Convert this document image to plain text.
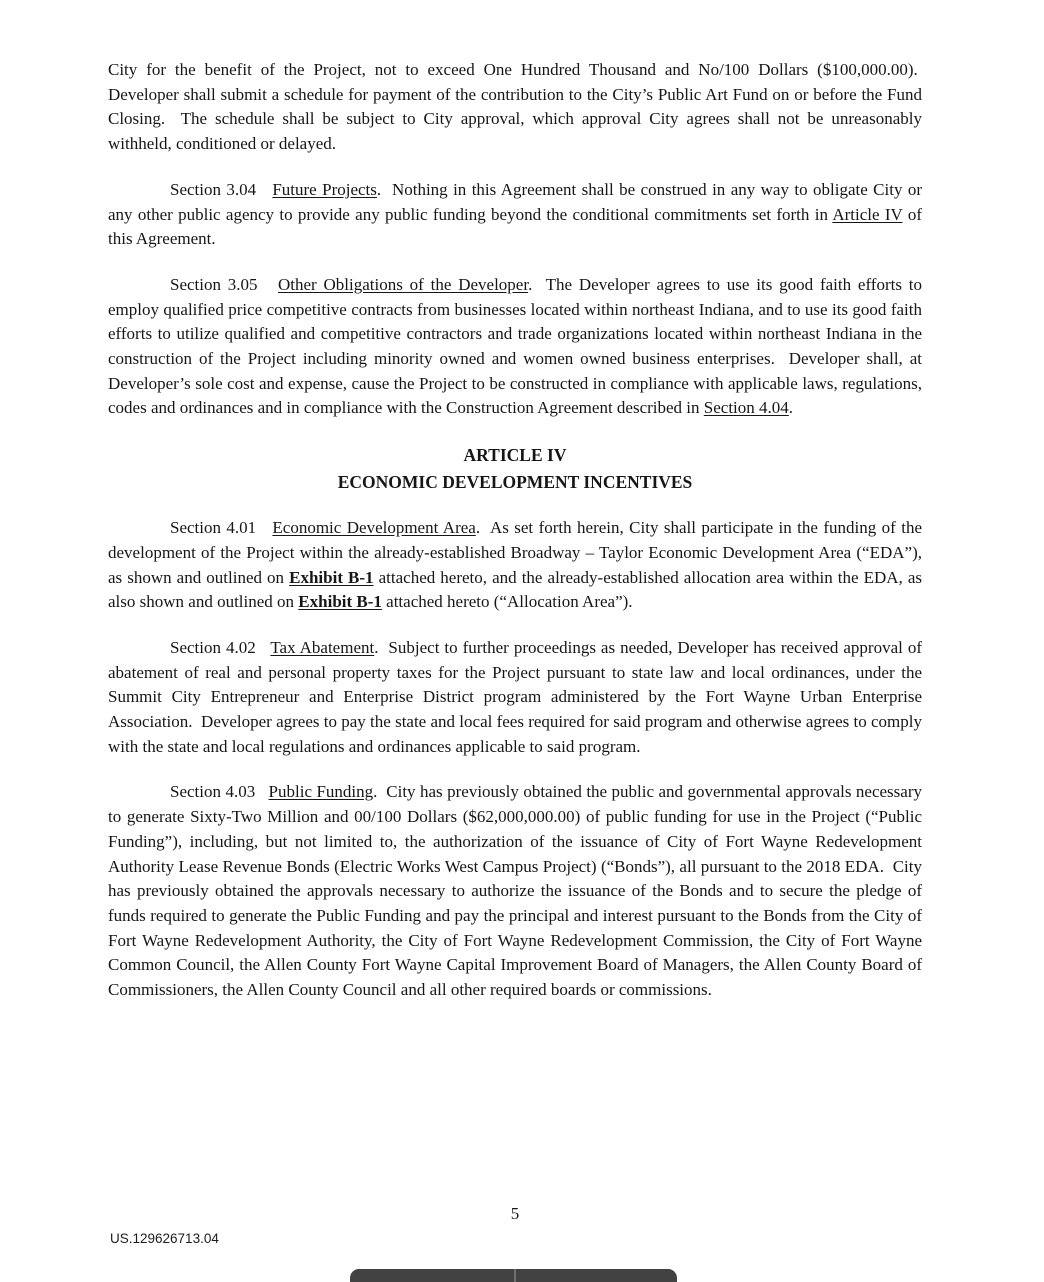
City for the benefit of the Project, not to exceed One Hundred Thousand and No/100 Dollars ($100,000.00).  Developer shall submit a schedule for payment of the contribution to the City’s Public Art Fund on or before the Fund Closing.  The schedule shall be subject to City approval, which approval City agrees shall not be unreasonably withheld, conditioned or delayed.

Section 3.04   Future Projects.  Nothing in this Agreement shall be construed in any way to obligate City or any other public agency to provide any public funding beyond the conditional commitments set forth in Article IV of this Agreement.

Section 3.05   Other Obligations of the Developer.  The Developer agrees to use its good faith efforts to employ qualified price competitive contracts from businesses located within northeast Indiana, and to use its good faith efforts to utilize qualified and competitive contractors and trade organizations located within northeast Indiana in the construction of the Project including minority owned and women owned business enterprises.  Developer shall, at Developer’s sole cost and expense, cause the Project to be constructed in compliance with applicable laws, regulations, codes and ordinances and in compliance with the Construction Agreement described in Section 4.04.

ARTICLE IV
ECONOMIC DEVELOPMENT INCENTIVES

Section 4.01   Economic Development Area.  As set forth herein, City shall participate in the funding of the development of the Project within the already-established Broadway – Taylor Economic Development Area (“EDA”), as shown and outlined on Exhibit B-1 attached hereto, and the already-established allocation area within the EDA, as also shown and outlined on Exhibit B-1 attached hereto (“Allocation Area”).

Section 4.02   Tax Abatement.  Subject to further proceedings as needed, Developer has received approval of abatement of real and personal property taxes for the Project pursuant to state law and local ordinances, under the Summit City Entrepreneur and Enterprise District program administered by the Fort Wayne Urban Enterprise Association.  Developer agrees to pay the state and local fees required for said program and otherwise agrees to comply with the state and local regulations and ordinances applicable to said program.

Section 4.03   Public Funding.  City has previously obtained the public and governmental approvals necessary to generate Sixty-Two Million and 00/100 Dollars ($62,000,000.00) of public funding for use in the Project (“Public Funding”), including, but not limited to, the authorization of the issuance of City of Fort Wayne Redevelopment Authority Lease Revenue Bonds (Electric Works West Campus Project) (“Bonds”), all pursuant to the 2018 EDA.  City has previously obtained the approvals necessary to authorize the issuance of the Bonds and to secure the pledge of funds required to generate the Public Funding and pay the principal and interest pursuant to the Bonds from the City of Fort Wayne Redevelopment Authority, the City of Fort Wayne Redevelopment Commission, the City of Fort Wayne Common Council, the Allen County Fort Wayne Capital Improvement Board of Managers, the Allen County Board of Commissioners, the Allen County Council and all other required boards or commissions.

5
US.129626713.04
